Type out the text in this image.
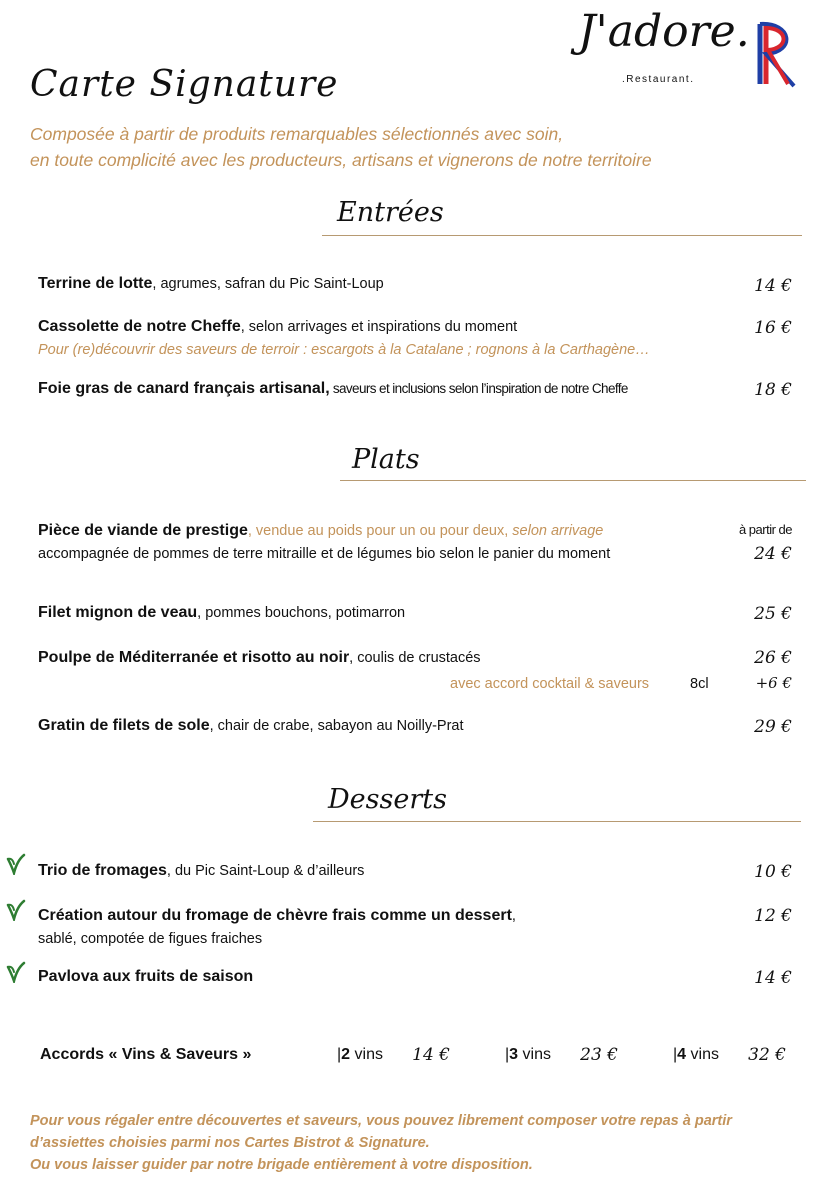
J'adore.
.Restaurant.
Carte Signature
Composée à partir de produits remarquables sélectionnés avec soin,
en toute complicité avec les producteurs, artisans et vignerons de notre territoire
Entrées
Terrine de lotte, agrumes, safran du Pic Saint-Loup	14 €
Cassolette de notre Cheffe, selon arrivages et inspirations du moment
Pour (re)découvrir des saveurs de terroir : escargots à la Catalane ; rognons à la Carthagène…
16 €
Foie gras de canard français artisanal, saveurs et inclusions selon l’inspiration de notre Cheffe	18 €
Plats
Pièce de viande de prestige, vendue au poids pour un ou pour deux, selon arrivage
accompagnée de pommes de terre mitraille et de légumes bio selon le panier du moment
à partir de
24 €
Filet mignon de veau, pommes bouchons, potimarron	25 €
Poulpe de Méditerranée et risotto au noir, coulis de crustacés	26 €
avec accord cocktail & saveurs	8cl	+6 €
Gratin de filets de sole, chair de crabe, sabayon au Noilly-Prat	29 €
Desserts
Trio de fromages, du Pic Saint-Loup & d’ailleurs	10 €
Création autour du fromage de chèvre frais comme un dessert,
sablé, compotée de figues fraiches
12 €
Pavlova aux fruits de saison	14 €
Accords « Vins & Saveurs »	|2 vins	14 €	|3 vins	23 €	|4 vins	32 €
Pour vous régaler entre découvertes et saveurs, vous pouvez librement composer votre repas à partir
d’assiettes choisies parmi nos Cartes Bistrot & Signature.
Ou vous laisser guider par notre brigade entièrement à votre disposition.
